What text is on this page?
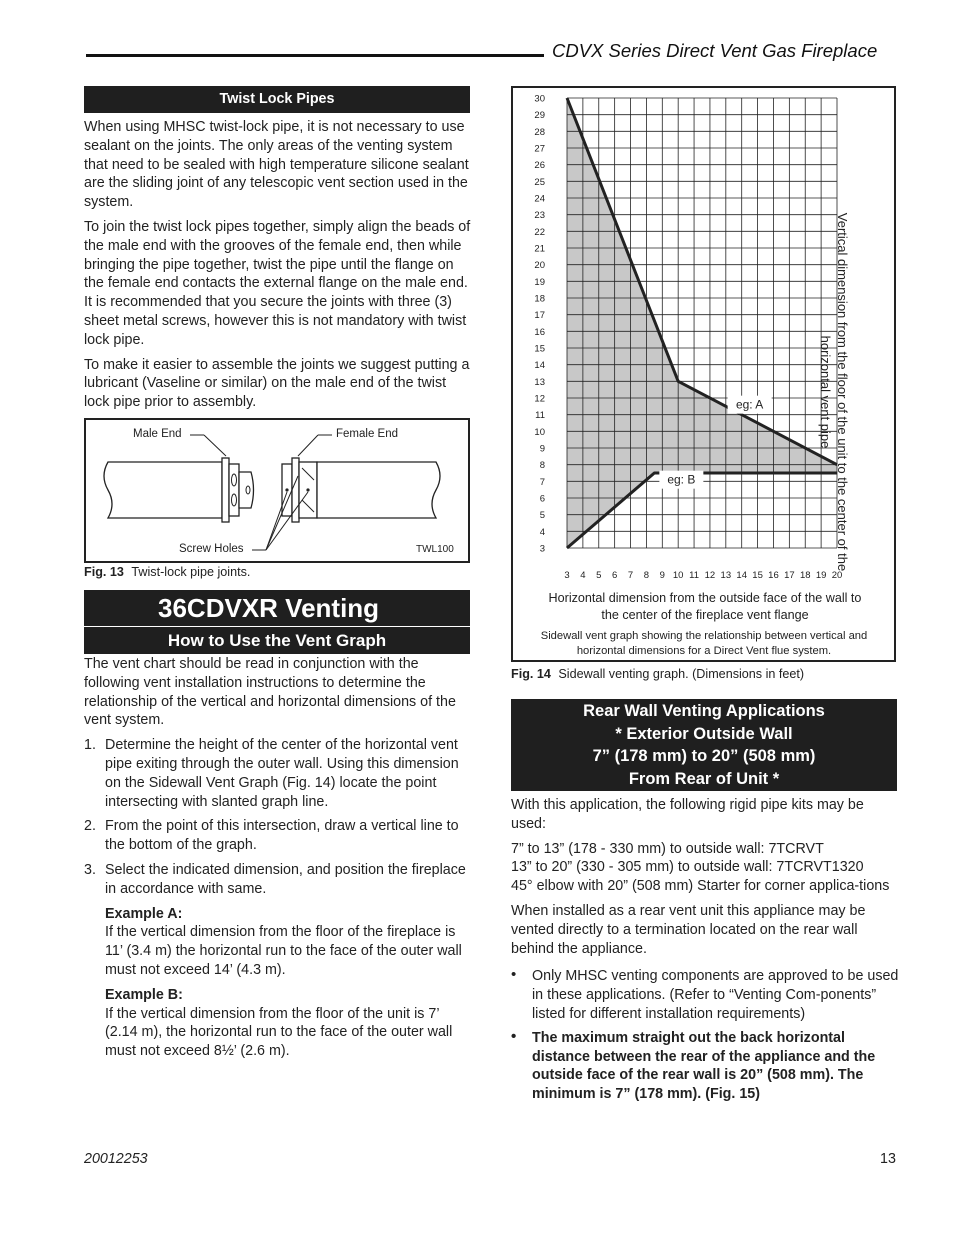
CDVX Series Direct Vent Gas Fireplace
Twist Lock Pipes

When using MHSC twist-lock pipe, it is not necessary to use sealant on the joints. The only areas of the venting system that need to be sealed with high temperature silicone sealant are the sliding joint of any telescopic vent section used in the system.

To join the twist lock pipes together, simply align the beads of the male end with the grooves of the female end, then while bringing the pipe together, twist the pipe until the flange on the female end contacts the external flange on the male end. It is recommended that you secure the joints with three (3) sheet metal screws, however this is not mandatory with twist lock pipe.

To make it easier to assemble the joints we suggest putting a lubricant (Vaseline or similar) on the male end of the twist lock pipe prior to assembly.

Male End	Female End
Screw Holes	TWL100
Fig. 13 Twist-lock pipe joints.
36CDVXR Venting
How to Use the Vent Graph

The vent chart should be read in conjunction with the following vent installation instructions to determine the relationship of the vertical and horizontal dimensions of the vent system.

1. Determine the height of the center of the horizontal vent pipe exiting through the outer wall. Using this dimension on the Sidewall Vent Graph (Fig. 14) locate the point intersecting with slanted graph line.
2. From the point of this intersection, draw a vertical line to the bottom of the graph.
3. Select the indicated dimension, and position the fireplace in accordance with same.
Example A:
If the vertical dimension from the floor of the fireplace is 11’ (3.4 m) the horizontal run to the face of the outer wall must not exceed 14’ (4.3 m).
Example B:
If the vertical dimension from the floor of the unit is 7’ (2.14 m), the horizontal run to the face of the outer wall must not exceed 8½’ (2.6 m).
3
4
5
6
7
8
9
10
11
12
13
14
15
16
17
18
19
20
21
22
23
24
25
26
27
28
29
30
3 4 5 6 7 8 9 10 11 12 13 14 15 16 17 18 19 20
eg: A
eg: B
Horizontal dimension from the outside face of the wall to the center of the fireplace vent flange
Sidewall vent graph showing the relationship between vertical and horizontal dimensions for a Direct Vent flue system.
Vertical dimension from the floor of the unit to the center of the horizontal vent pipe
Fig. 14 Sidewall venting graph. (Dimensions in feet)
Rear Wall Venting Applications
* Exterior Outside Wall
7” (178 mm) to 20” (508 mm)
From Rear of Unit *

With this application, the following rigid pipe kits may be used:

7” to 13” (178 - 330 mm) to outside wall: 7TCRVT
13” to 20” (330 - 305 mm) to outside wall: 7TCRVT1320
45° elbow with 20” (508 mm) Starter for corner applica-tions

When installed as a rear vent unit this appliance may be vented directly to a termination located on the rear wall behind the appliance.

• Only MHSC venting components are approved to be used in these applications. (Refer to “Venting Com-ponents” listed for different installation requirements)
• The maximum straight out the back horizontal distance between the rear of the appliance and the outside face of the rear wall is 20” (508 mm). The minimum is 7” (178 mm). (Fig. 15)
20012253	13
